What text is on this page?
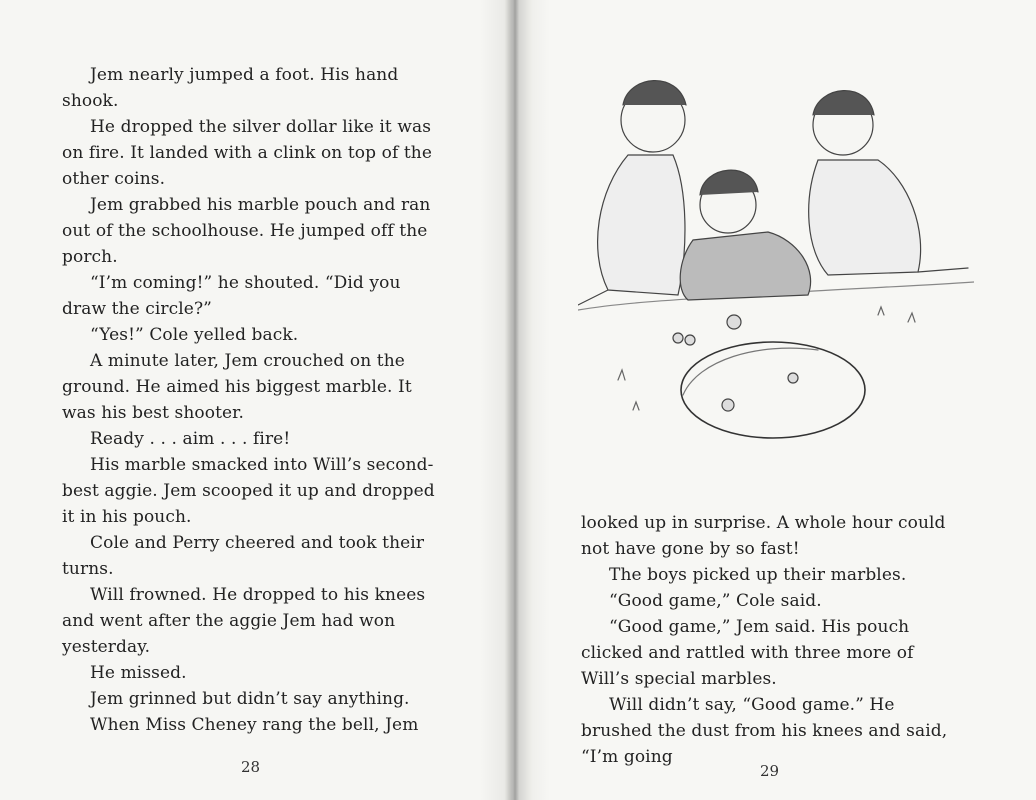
Jem nearly jumped a foot. His hand shook.

He dropped the silver dollar like it was on fire. It landed with a clink on top of the other coins.

Jem grabbed his marble pouch and ran out of the schoolhouse. He jumped off the porch.

“I’m coming!” he shouted. “Did you draw the circle?”

“Yes!” Cole yelled back.

A minute later, Jem crouched on the ground. He aimed his biggest marble. It was his best shooter.

Ready . . . aim . . . fire!

His marble smacked into Will’s second-best aggie. Jem scooped it up and dropped it in his pouch.

Cole and Perry cheered and took their turns.

Will frowned. He dropped to his knees and went after the aggie Jem had won yesterday.

He missed.

Jem grinned but didn’t say anything.

When Miss Cheney rang the bell, Jem

28

looked up in surprise. A whole hour could not have gone by so fast!

The boys picked up their marbles.

“Good game,” Cole said.

“Good game,” Jem said. His pouch clicked and rattled with three more of Will’s special marbles.

Will didn’t say, “Good game.” He brushed the dust from his knees and said, “I’m going

29
